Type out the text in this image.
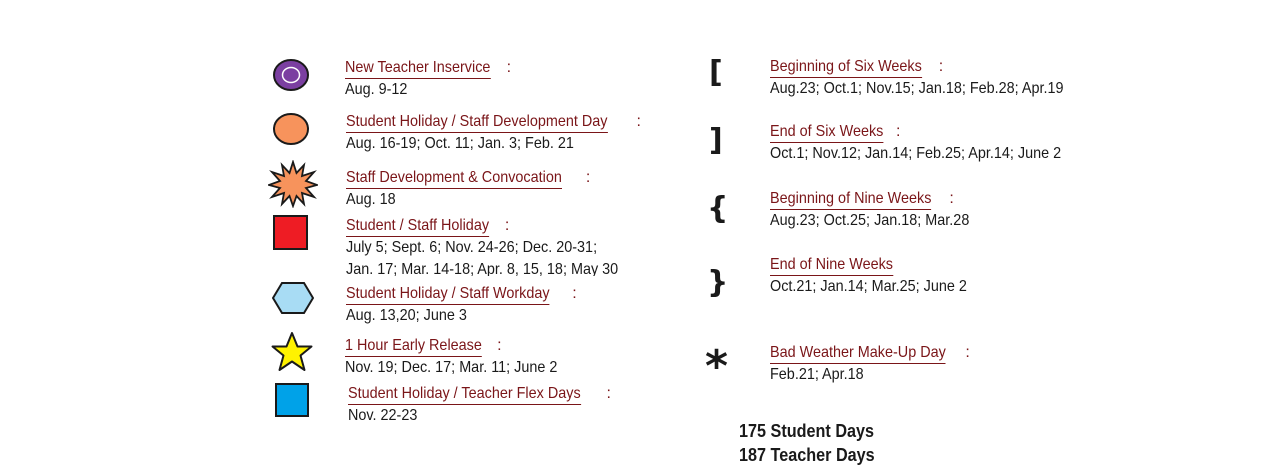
New Teacher Inservice :
Aug. 9-12
Student Holiday / Staff Development Day :
Aug. 16-19; Oct. 11; Jan. 3; Feb. 21
Staff Development & Convocation :
Aug. 18
Student / Staff Holiday :
July 5; Sept. 6; Nov. 24-26; Dec. 20-31;
Jan. 17; Mar. 14-18; Apr. 8, 15, 18; May 30
Student Holiday / Staff Workday :
Aug. 13,20; June 3
1 Hour Early Release :
Nov. 19; Dec. 17; Mar. 11; June 2
Student Holiday / Teacher Flex Days :
Nov. 22-23
[
]
{
}
*
Beginning of Six Weeks :
Aug.23; Oct.1; Nov.15; Jan.18; Feb.28; Apr.19
End of Six Weeks :
Oct.1; Nov.12; Jan.14; Feb.25; Apr.14; June 2
Beginning of Nine Weeks :
Aug.23; Oct.25; Jan.18; Mar.28
End of Nine Weeks
Oct.21; Jan.14; Mar.25; June 2
Bad Weather Make-Up Day :
Feb.21; Apr.18
175 Student Days
187 Teacher Days
